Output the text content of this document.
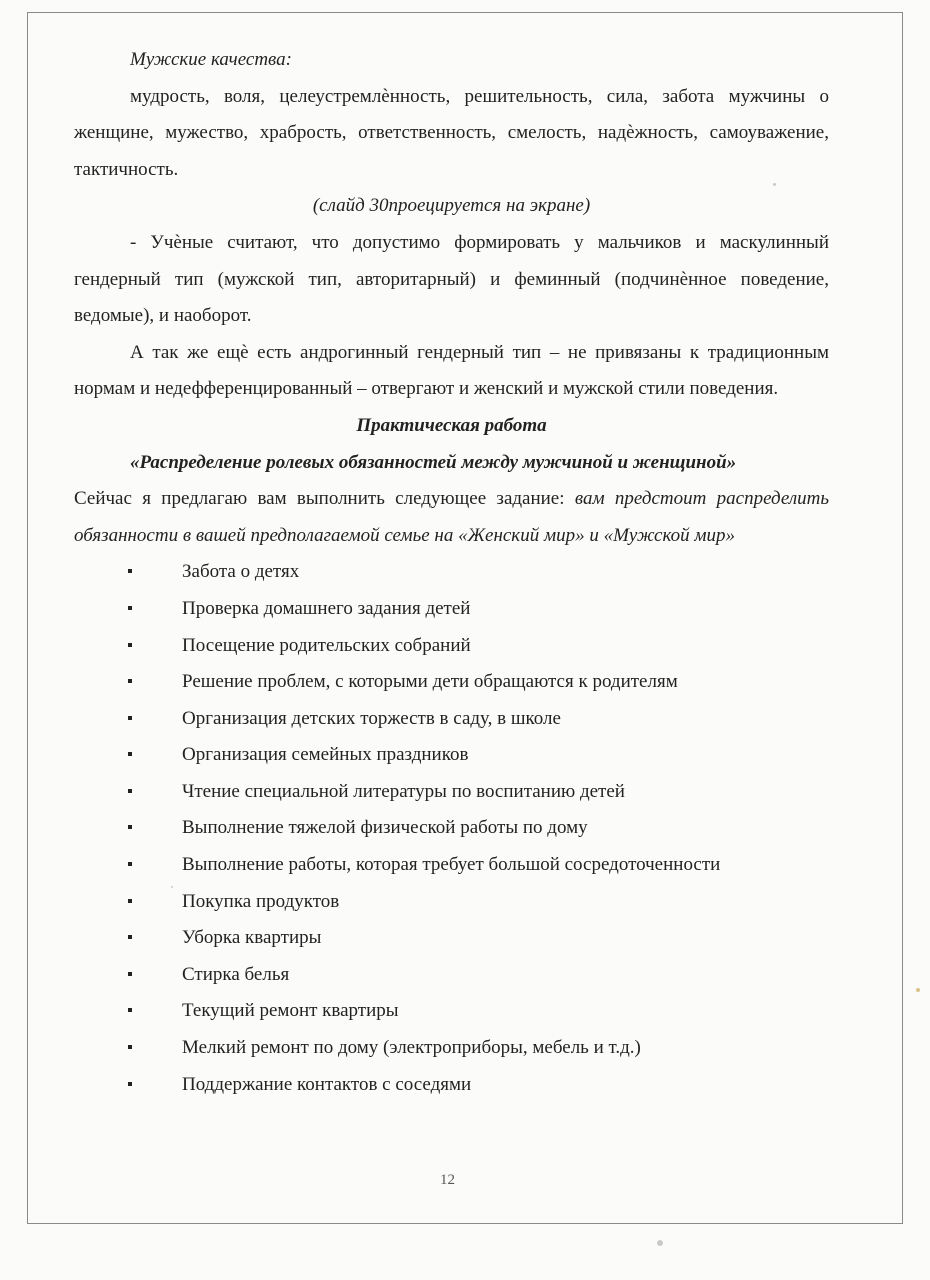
Мужские качества:

мудрость, воля, целеустремлѐнность, решительность, сила, забота мужчины о женщине, мужество, храбрость, ответственность, смелость, надѐжность, самоуважение, тактичность.

(слайд 30проецируется на экране)

- Учѐные считают, что допустимо формировать у мальчиков и маскулинный гендерный тип (мужской тип, авторитарный) и феминный (подчинѐнное поведение, ведомые), и наоборот.

А так же ещѐ есть андрогинный гендерный тип – не привязаны к традиционным нормам и недефференцированный – отвергают и женский и мужской стили поведения.

Практическая работа

«Распределение ролевых обязанностей между мужчиной и женщиной»

Сейчас я предлагаю вам выполнить следующее задание: вам предстоит распределить обязанности в вашей предполагаемой семье на «Женский мир» и «Мужской мир»

Забота о детях
Проверка домашнего задания детей
Посещение родительских собраний
Решение проблем, с которыми дети обращаются к родителям
Организация детских торжеств в саду, в школе
Организация семейных праздников
Чтение специальной литературы по воспитанию детей
Выполнение тяжелой физической работы по дому
Выполнение работы, которая требует большой сосредоточенности
Покупка продуктов
Уборка квартиры
Стирка белья
Текущий ремонт квартиры
Мелкий ремонт по дому (электроприборы, мебель и т.д.)
Поддержание контактов с соседями
12
